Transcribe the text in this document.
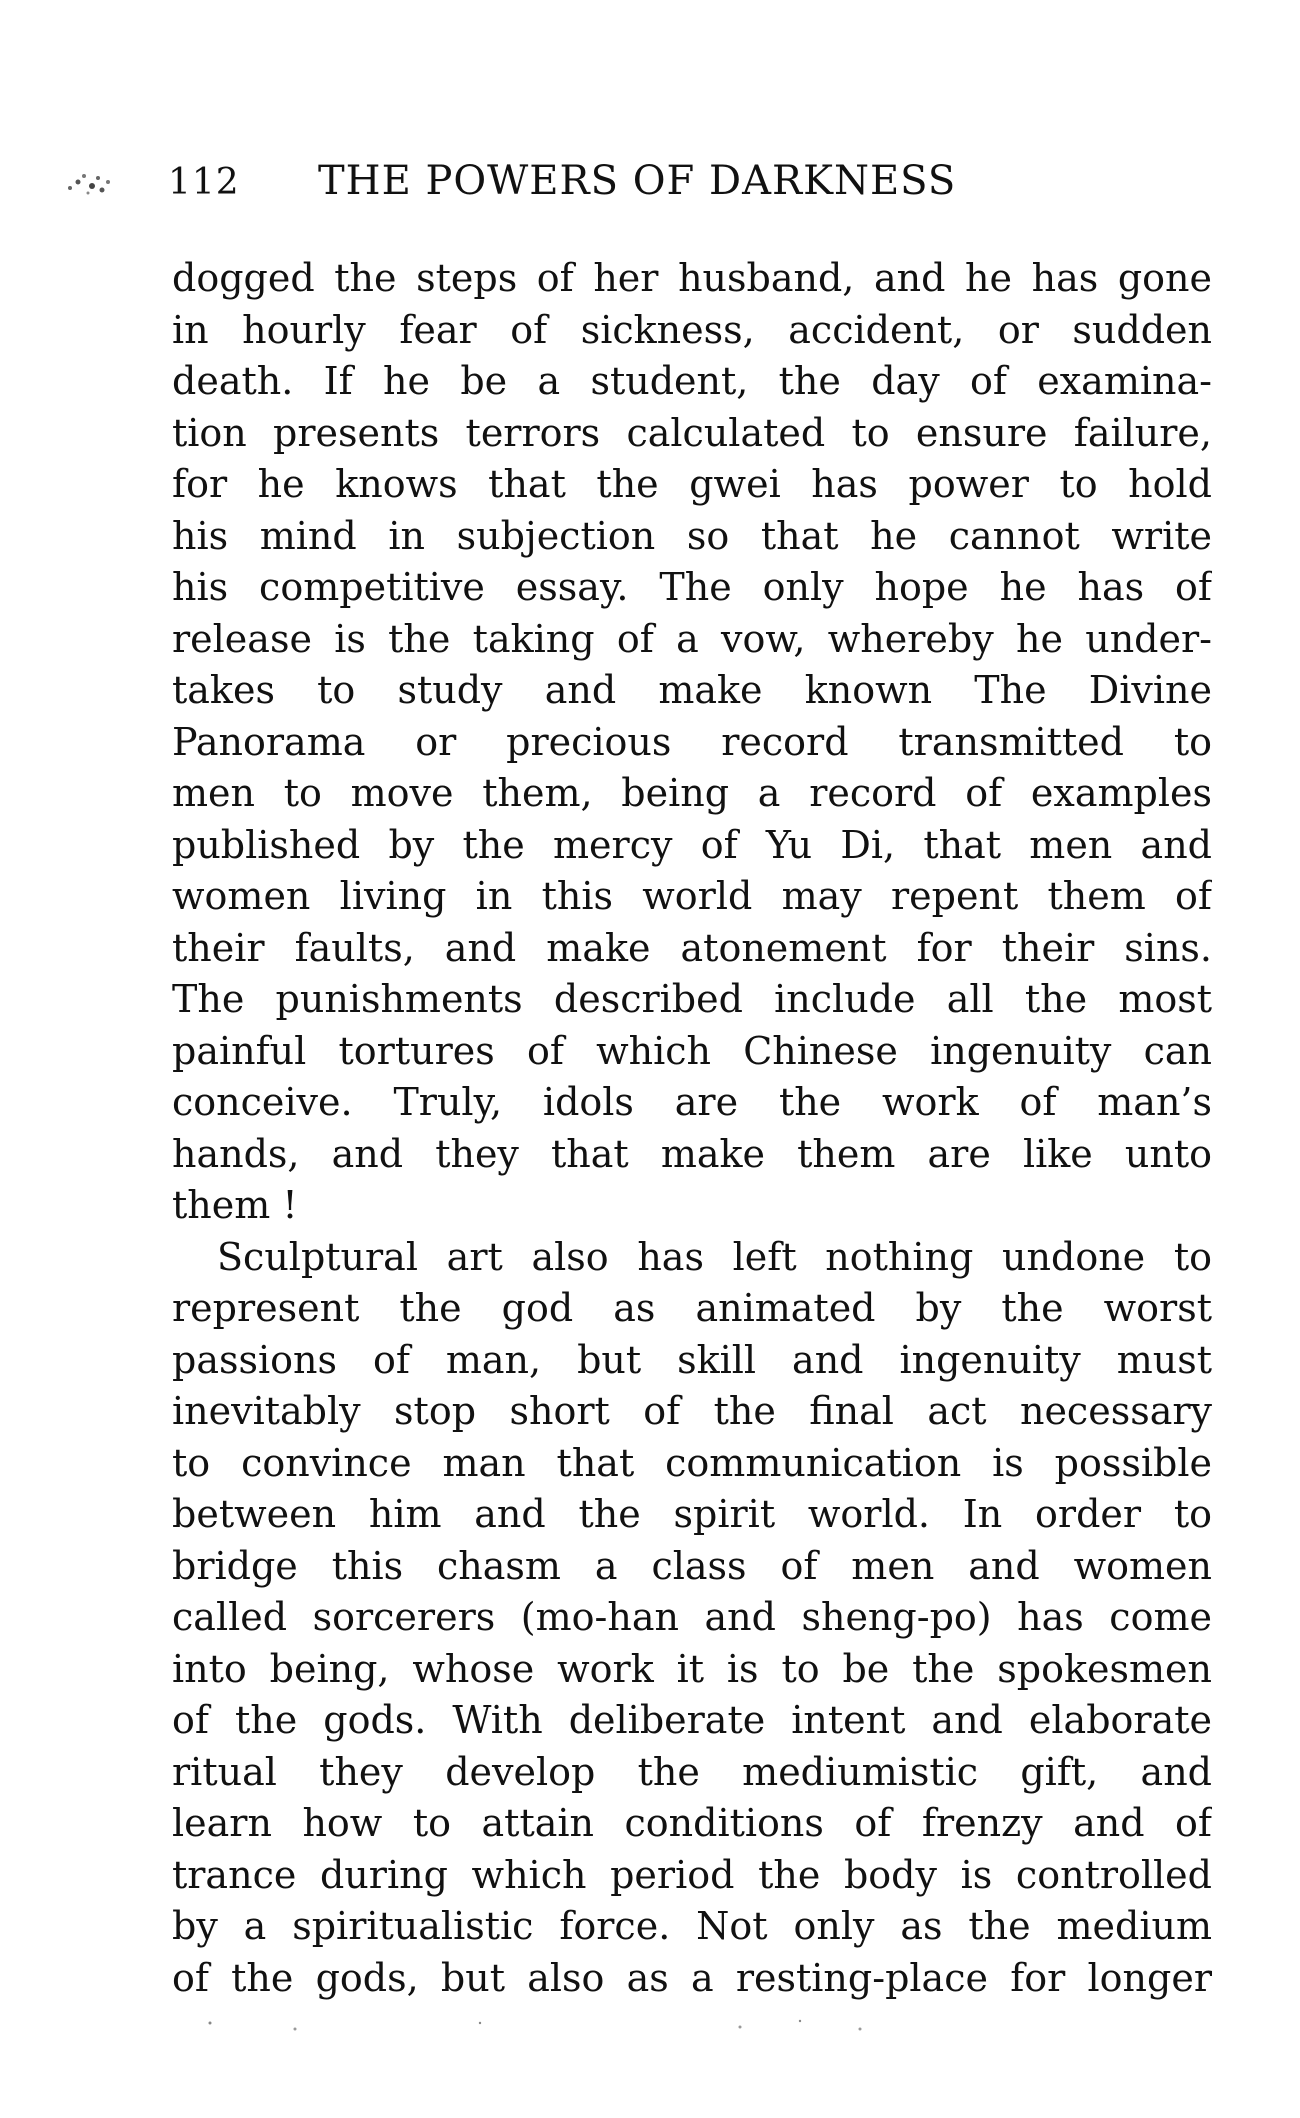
112	THE POWERS OF DARKNESS
dogged the steps of her husband, and he has gone
in hourly fear of sickness, accident, or sudden
death. If he be a student, the day of examina-
tion presents terrors calculated to ensure failure,
for he knows that the gwei has power to hold
his mind in subjection so that he cannot write
his competitive essay. The only hope he has of
release is the taking of a vow, whereby he under-
takes to study and make known The Divine
Panorama or precious record transmitted to
men to move them, being a record of examples
published by the mercy of Yu Di, that men and
women living in this world may repent them of
their faults, and make atonement for their sins.
The punishments described include all the most
painful tortures of which Chinese ingenuity can
conceive. Truly, idols are the work of man’s
hands, and they that make them are like unto
them !
Sculptural art also has left nothing undone to
represent the god as animated by the worst
passions of man, but skill and ingenuity must
inevitably stop short of the final act necessary
to convince man that communication is possible
between him and the spirit world. In order to
bridge this chasm a class of men and women
called sorcerers (mo-han and sheng-po) has come
into being, whose work it is to be the spokesmen
of the gods. With deliberate intent and elaborate
ritual they develop the mediumistic gift, and
learn how to attain conditions of frenzy and of
trance during which period the body is controlled
by a spiritualistic force. Not only as the medium
of the gods, but also as a resting-place for longer
